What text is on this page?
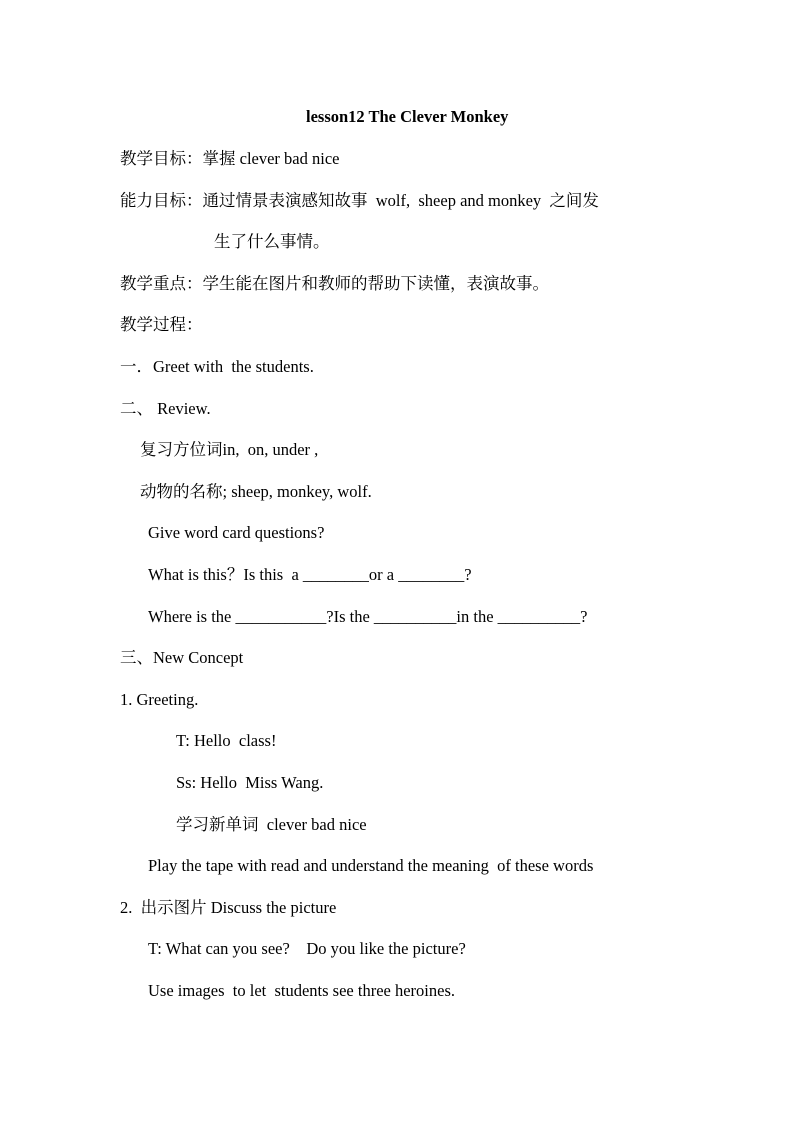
lesson12 The Clever Monkey
教学目标：掌握 clever bad nice
能力目标：通过情景表演感知故事  wolf,  sheep and monkey  之间发
生了什么事情。
教学重点：学生能在图片和教师的帮助下读懂，表演故事。
教学过程：
一．Greet with  the students.
二、 Review.
复习方位词in,  on, under ,
动物的名称; sheep, monkey, wolf.
Give word card questions?
What is this？Is this  a ________or a ________?
Where is the ___________?Is the __________in the __________?
三、New Concept
1. Greeting.
T: Hello  class!
Ss: Hello  Miss Wang.
学习新单词  clever bad nice
Play the tape with read and understand the meaning  of these words
2.  出示图片 Discuss the picture
T: What can you see?    Do you like the picture?
Use images  to let  students see three heroines.
